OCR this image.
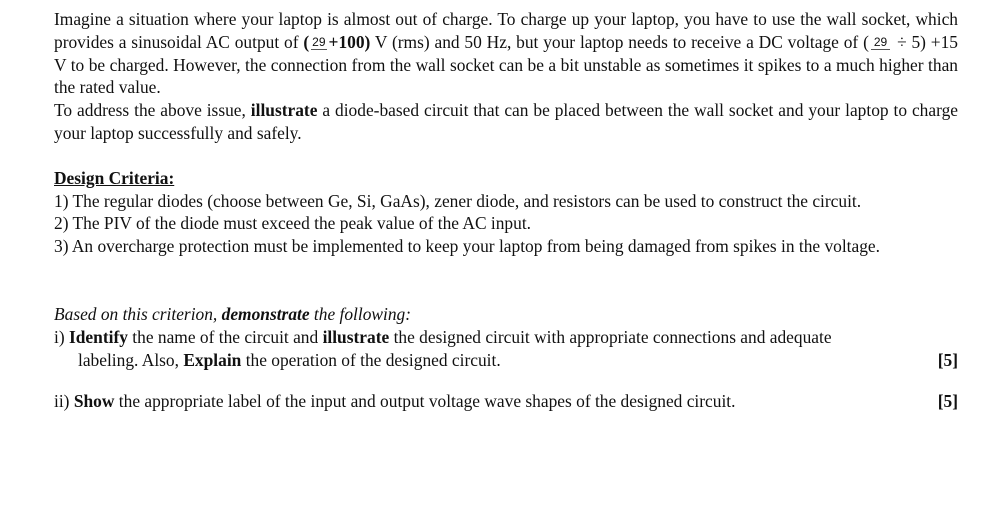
Imagine a situation where your laptop is almost out of charge. To charge up your laptop, you have to use the wall socket, which provides a sinusoidal AC output of ( 29 +100) V (rms) and 50 Hz, but your laptop needs to receive a DC voltage of ( 29 ÷ 5) +15 V to be charged. However, the connection from the wall socket can be a bit unstable as sometimes it spikes to a much higher than the rated value.

To address the above issue, illustrate a diode-based circuit that can be placed between the wall socket and your laptop to charge your laptop successfully and safely.

Design Criteria:

1) The regular diodes (choose between Ge, Si, GaAs), zener diode, and resistors can be used to construct the circuit.

2) The PIV of the diode must exceed the peak value of the AC input.

3) An overcharge protection must be implemented to keep your laptop from being damaged from spikes in the voltage.

Based on this criterion, demonstrate the following:

i) Identify the name of the circuit and illustrate the designed circuit with appropriate connections and adequate

labeling. Also, Explain the operation of the designed circuit.	[5]
ii) Show the appropriate label of the input and output voltage wave shapes of the designed circuit.	[5]
